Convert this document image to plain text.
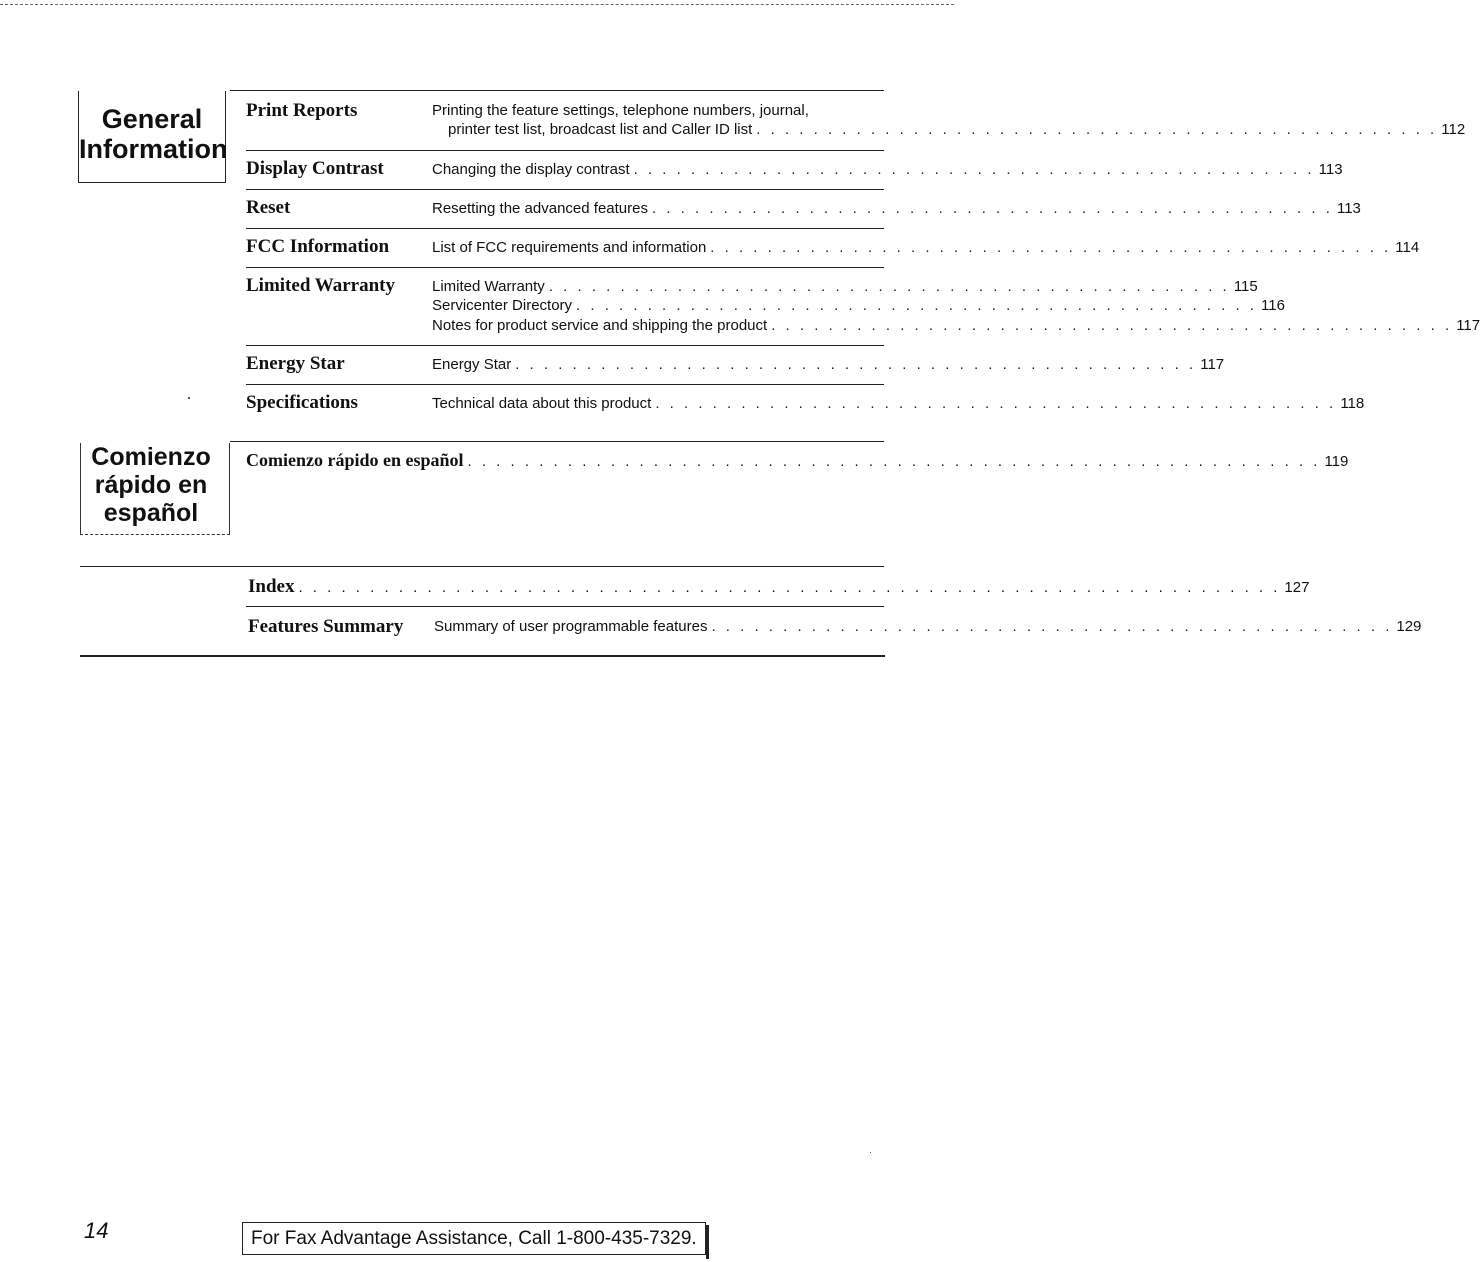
General
Information
Comienzo
rápido en
español
Print Reports	Printing the feature settings, telephone numbers, journal,
printer test list, broadcast list and Caller ID list . . . . . . . . . . . . . . . . . . . . . . . . . . . . . . . . . . . . . . . . . . . . . . . . 112
Display Contrast	Changing the display contrast . . . . . . . . . . . . . . . . . . . . . . . . . . . . . . . . . . . . . . . . . . . . . . . . 113
Reset	Resetting the advanced features . . . . . . . . . . . . . . . . . . . . . . . . . . . . . . . . . . . . . . . . . . . . . . . . 113
FCC Information	List of FCC requirements and information . . . . . . . . . . . . . . . . . . . . . . . . . . . . . . . . . . . . . . . . . . . . . . . . 114
Limited Warranty Limited Warranty . . . . . . . . . . . . . . . . . . . . . . . . . . . . . . . . . . . . . . . . . . . . . . . . 115
Servicenter Directory . . . . . . . . . . . . . . . . . . . . . . . . . . . . . . . . . . . . . . . . . . . . . . . . 116
Notes for product service and shipping the product . . . . . . . . . . . . . . . . . . . . . . . . . . . . . . . . . . . . . . . . . . . . . . . . 117
Energy Star	Energy Star . . . . . . . . . . . . . . . . . . . . . . . . . . . . . . . . . . . . . . . . . . . . . . . . 117
Specifications	Technical data about this product . . . . . . . . . . . . . . . . . . . . . . . . . . . . . . . . . . . . . . . . . . . . . . . . 118
Comienzo rápido en español . . . . . . . . . . . . . . . . . . . . . . . . . . . . . . . . . . . . . . . . . . . . . . . . . . . . . . . . . . . . 119
Index . . . . . . . . . . . . . . . . . . . . . . . . . . . . . . . . . . . . . . . . . . . . . . . . . . . . . . . . . . . . . . . . . . . . . 127
Features Summary Summary of user programmable features . . . . . . . . . . . . . . . . . . . . . . . . . . . . . . . . . . . . . . . . . . . . . . . . 129
14	For Fax Advantage Assistance, Call 1-800-435-7329.
